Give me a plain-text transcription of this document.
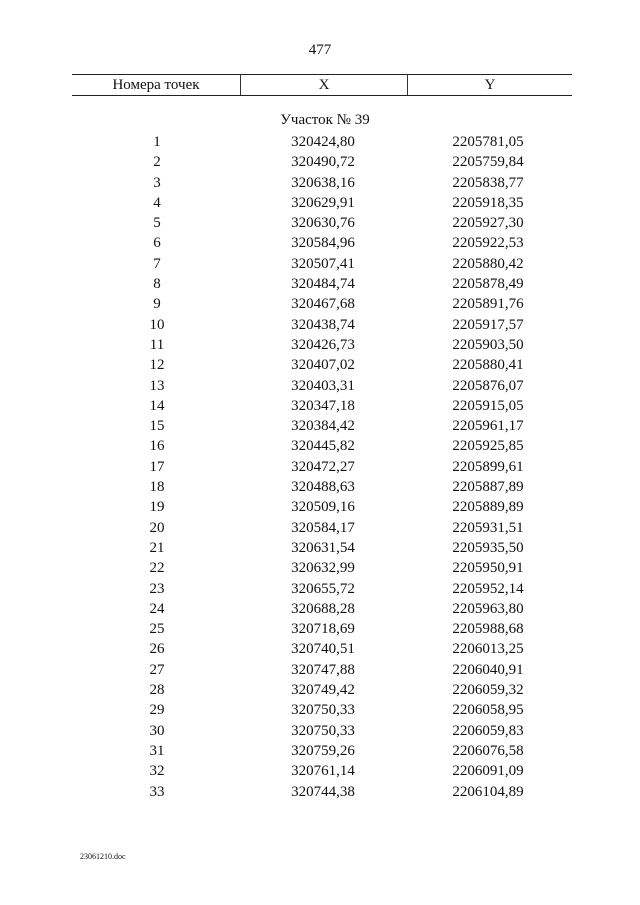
477
Номера точек	X	Y
Участок № 39
1	320424,80	2205781,05
2	320490,72	2205759,84
3	320638,16	2205838,77
4	320629,91	2205918,35
5	320630,76	2205927,30
6	320584,96	2205922,53
7	320507,41	2205880,42
8	320484,74	2205878,49
9	320467,68	2205891,76
10	320438,74	2205917,57
11	320426,73	2205903,50
12	320407,02	2205880,41
13	320403,31	2205876,07
14	320347,18	2205915,05
15	320384,42	2205961,17
16	320445,82	2205925,85
17	320472,27	2205899,61
18	320488,63	2205887,89
19	320509,16	2205889,89
20	320584,17	2205931,51
21	320631,54	2205935,50
22	320632,99	2205950,91
23	320655,72	2205952,14
24	320688,28	2205963,80
25	320718,69	2205988,68
26	320740,51	2206013,25
27	320747,88	2206040,91
28	320749,42	2206059,32
29	320750,33	2206058,95
30	320750,33	2206059,83
31	320759,26	2206076,58
32	320761,14	2206091,09
33	320744,38	2206104,89
23061210.doc
